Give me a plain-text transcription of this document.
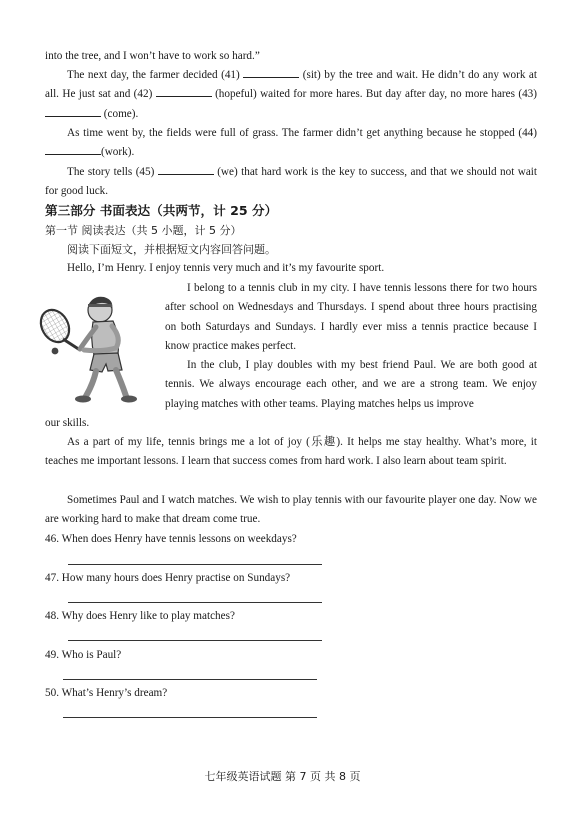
into the tree, and I won’t have to work so hard.”

The next day, the farmer decided (41)	(sit) by the tree and wait. He didn’t do any work at all. He just sat and (42)	(hopeful) waited for more hares. But day after day, no more hares (43)  (come).

As time went by, the fields were full of grass. The farmer didn’t get anything because he stopped (44) (work).

The story tells (45)	(we) that hard work is the key to success, and that we should not wait for good luck.

第三部分 书面表达（共两节，计 25 分）

第一节 阅读表达（共 5 小题，计 5 分）

阅读下面短文，并根据短文内容回答问题。

Hello, I’m Henry. I enjoy tennis very much and it’s my favourite sport.

I belong to a tennis club in my city. I have tennis lessons there for two hours after school on Wednesdays and Thursdays. I spend about three hours practising on both Saturdays and Sundays. I hardly ever miss a tennis practice because I know practice makes perfect.

In the club, I play doubles with my best friend Paul. We are both good at tennis. We always encourage each other, and we are a strong team. We enjoy playing matches with other teams. Playing matches helps us improve

our skills.

As a part of my life, tennis brings me a lot of joy (乐趣). It helps me stay healthy. What’s more, it teaches me important lessons. I learn that success comes from hard work. I also learn about team spirit.

Sometimes Paul and I watch matches. We wish to play tennis with our favourite player one day. Now we are working hard to make that dream come true.

46. When does Henry have tennis lessons on weekdays?

47. How many hours does Henry practise on Sundays?

48. Why does Henry like to play matches?

49. Who is Paul?

50. What’s Henry’s dream?

七年级英语试题 第 7 页 共 8 页
